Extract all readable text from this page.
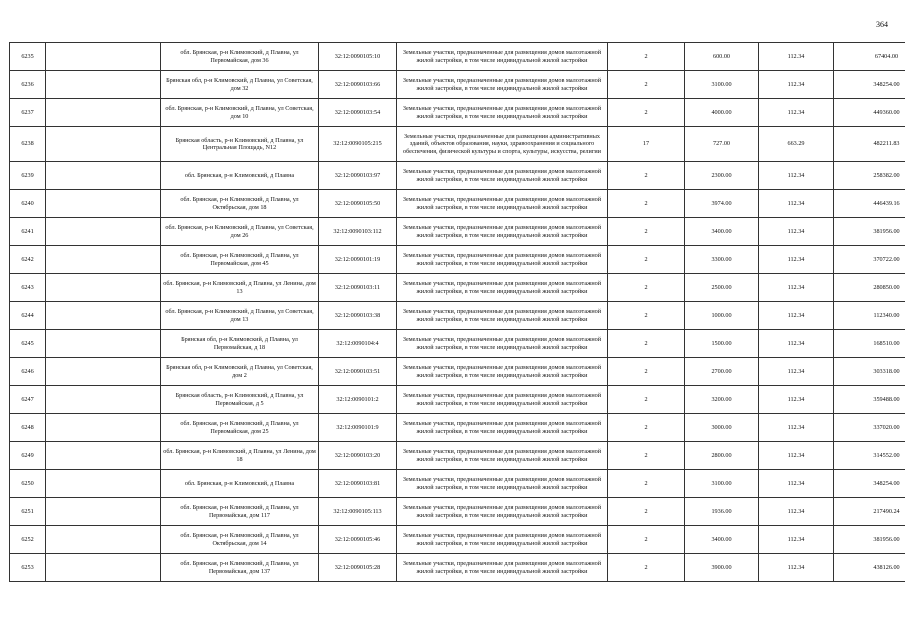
364
6235		обл. Брянская, р-н Климовский, д Плавна, ул Первомайская, дом 36	32:12:0090105:10	Земельные участки, предназначенные для размещения домов малоэтажной жилой застройки, в том числе индивидуальной жилой застройки	2	600.00	112.34	67404.00
6236		Брянская обл, р-н Климовский, д Плавна, ул Советская, дом 32	32:12:0090103:66	Земельные участки, предназначенные для размещения домов малоэтажной жилой застройки, в том числе индивидуальной жилой застройки	2	3100.00	112.34	348254.00
6237		обл. Брянская, р-н Климовский, д Плавна, ул Советская, дом 10	32:12:0090103:54	Земельные участки, предназначенные для размещения домов малоэтажной жилой застройки, в том числе индивидуальной жилой застройки	2	4000.00	112.34	449360.00
6238		Брянская область, р-н Климовский, д Плавна, ул Центральная Площадь, N12	32:12:0090105:215	Земельные участки, предназначенные для размещения административных зданий, объектов образования, науки, здравоохранения и социального обеспечения, физической культуры и спорта, культуры, искусства, религии	17	727.00	663.29	482211.83
6239		обл. Брянская, р-н Климовский, д Плавна	32:12:0090103:97	Земельные участки, предназначенные для размещения домов малоэтажной жилой застройки, в том числе индивидуальной жилой застройки	2	2300.00	112.34	258382.00
6240		обл. Брянская, р-н Климовский, д Плавна, ул Октябрьская, дом 18	32:12:0090105:50	Земельные участки, предназначенные для размещения домов малоэтажной жилой застройки, в том числе индивидуальной жилой застройки	2	3974.00	112.34	446439.16
6241		обл. Брянская, р-н Климовский, д Плавна, ул Советская, дом 26	32:12:0090103:112	Земельные участки, предназначенные для размещения домов малоэтажной жилой застройки, в том числе индивидуальной жилой застройки	2	3400.00	112.34	381956.00
6242		обл. Брянская, р-н Климовский, д Плавна, ул Первомайская, дом 45	32:12:0090101:19	Земельные участки, предназначенные для размещения домов малоэтажной жилой застройки, в том числе индивидуальной жилой застройки	2	3300.00	112.34	370722.00
6243		обл. Брянская, р-н Климовский, д Плавна, ул Ленина, дом 13	32:12:0090103:11	Земельные участки, предназначенные для размещения домов малоэтажной жилой застройки, в том числе индивидуальной жилой застройки	2	2500.00	112.34	280850.00
6244		обл. Брянская, р-н Климовский, д Плавна, ул Советская, дом 13	32:12:0090103:38	Земельные участки, предназначенные для размещения домов малоэтажной жилой застройки, в том числе индивидуальной жилой застройки	2	1000.00	112.34	112340.00
6245		Брянская обл, р-н Климовский, д Плавна, ул Первомайская, д 18	32:12:0090104:4	Земельные участки, предназначенные для размещения домов малоэтажной жилой застройки, в том числе индивидуальной жилой застройки	2	1500.00	112.34	168510.00
6246		Брянская обл, р-н Климовский, д Плавна, ул Советская, дом 2	32:12:0090103:51	Земельные участки, предназначенные для размещения домов малоэтажной жилой застройки, в том числе индивидуальной жилой застройки	2	2700.00	112.34	303318.00
6247		Брянская область, р-н Климовский, д Плавна, ул Первомайская, д 5	32:12:0090101:2	Земельные участки, предназначенные для размещения домов малоэтажной жилой застройки, в том числе индивидуальной жилой застройки	2	3200.00	112.34	359488.00
6248		обл. Брянская, р-н Климовский, д Плавна, ул Первомайская, дом 25	32:12:0090101:9	Земельные участки, предназначенные для размещения домов малоэтажной жилой застройки, в том числе индивидуальной жилой застройки	2	3000.00	112.34	337020.00
6249		обл. Брянская, р-н Климовский, д Плавна, ул Ленина, дом 18	32:12:0090103:20	Земельные участки, предназначенные для размещения домов малоэтажной жилой застройки, в том числе индивидуальной жилой застройки	2	2800.00	112.34	314552.00
6250		обл. Брянская, р-н Климовский, д Плавна	32:12:0090103:81	Земельные участки, предназначенные для размещения домов малоэтажной жилой застройки, в том числе индивидуальной жилой застройки	2	3100.00	112.34	348254.00
6251		обл. Брянская, р-н Климовский, д Плавна, ул Первомайская, дом 117	32:12:0090105:113	Земельные участки, предназначенные для размещения домов малоэтажной жилой застройки, в том числе индивидуальной жилой застройки	2	1936.00	112.34	217490.24
6252		обл. Брянская, р-н Климовский, д Плавна, ул Октябрьская, дом 14	32:12:0090105:46	Земельные участки, предназначенные для размещения домов малоэтажной жилой застройки, в том числе индивидуальной жилой застройки	2	3400.00	112.34	381956.00
6253		обл. Брянская, р-н Климовский, д Плавна, ул Первомайская, дом 137	32:12:0090105:28	Земельные участки, предназначенные для размещения домов малоэтажной жилой застройки, в том числе индивидуальной жилой застройки	2	3900.00	112.34	438126.00
